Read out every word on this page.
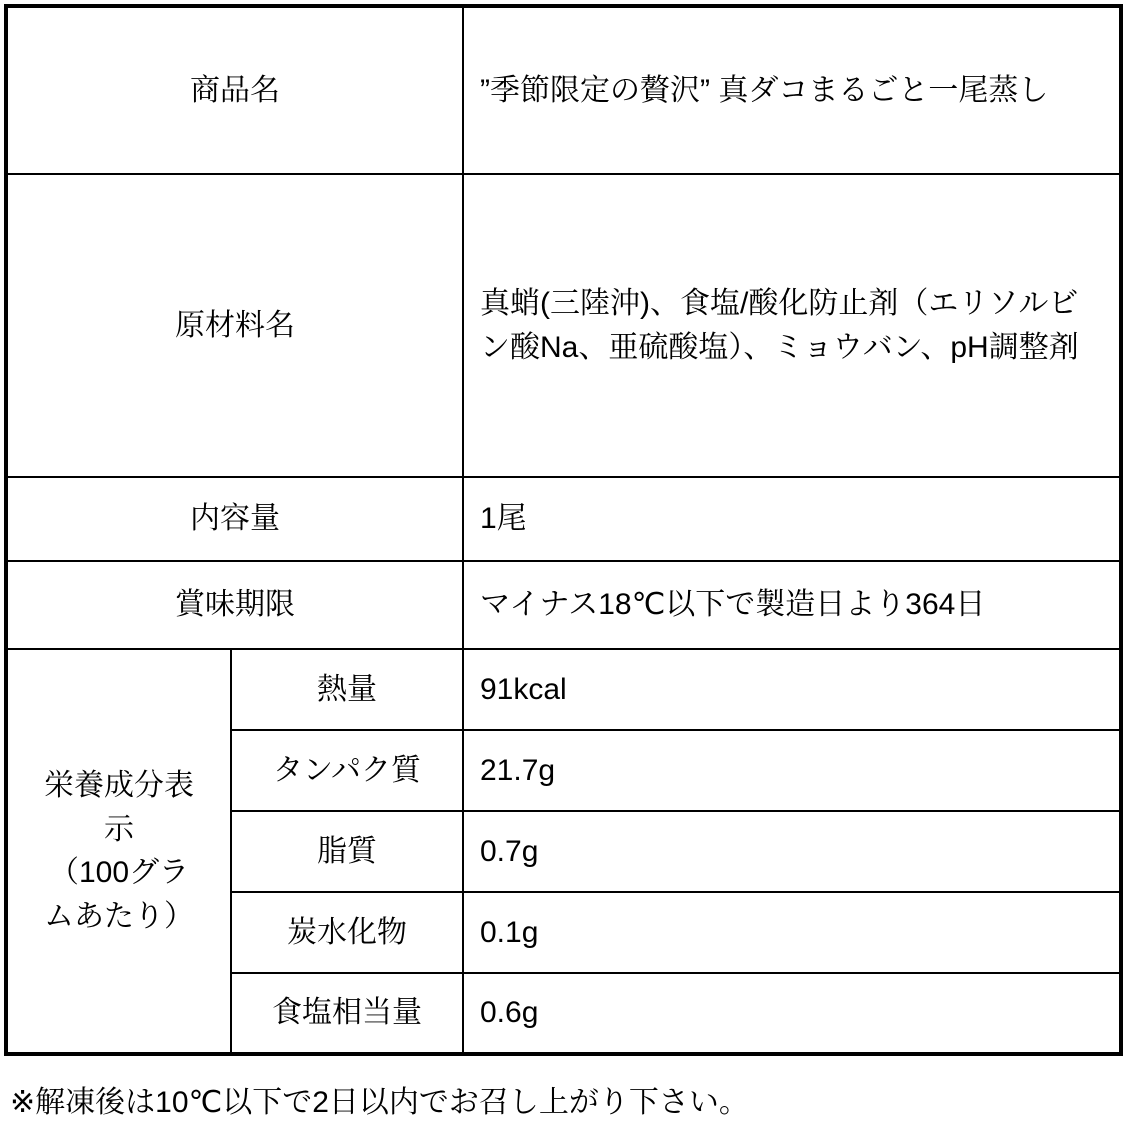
商品名		”季節限定の贅沢” 真ダコまるごと一尾蒸し
原材料名		真蛸(三陸沖)、食塩/酸化防止剤（エリソルビン酸Na、亜硫酸塩）、ミョウバン、pH調整剤
内容量		1尾
賞味期限		マイナス18℃以下で製造日より364日
栄養成分表
示
（100グラ
ムあたり）	熱量	91kcal
	タンパク質	21.7g
	脂質	0.7g
	炭水化物	0.1g
	食塩相当量	0.6g
※解凍後は10℃以下で2日以内でお召し上がり下さい。
